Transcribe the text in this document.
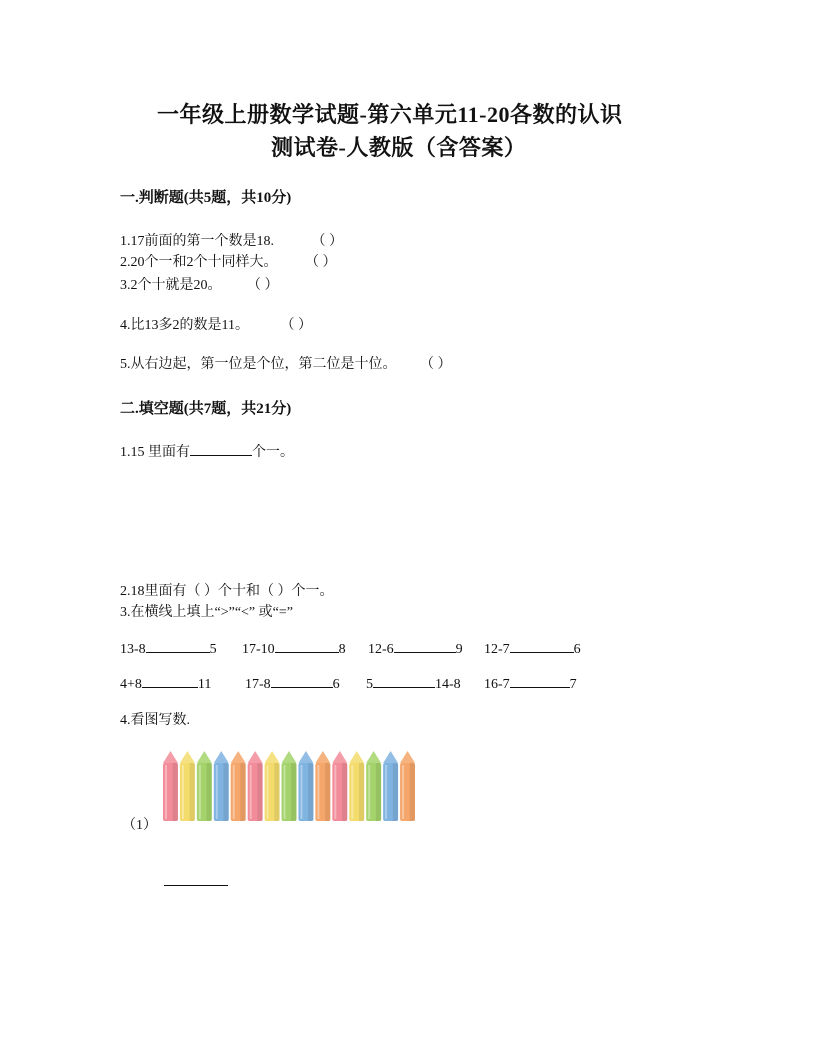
一年级上册数学试题-第六单元11-20各数的认识
测试卷-人教版（含答案）
一.判断题(共5题，共10分)
1.17前面的第一个数是18.	（ ）
2.20个一和2个十同样大。 （ ）
3.2个十就是20。 （ ）
4.比13多2的数是11。 （ ）
5.从右边起，第一位是个位，第二位是十位。 （ ）
二.填空题(共7题，共21分)
1.15 里面有	个一。
2.18里面有（ ）个十和（ ）个一。
3.在横线上填上“>”“<” 或“=”
13-8	5 17-10	8 12-6	9 12-7	6
4+8	11 17-8	6 5	14-8 16-7	7
4.看图写数.
（1）
